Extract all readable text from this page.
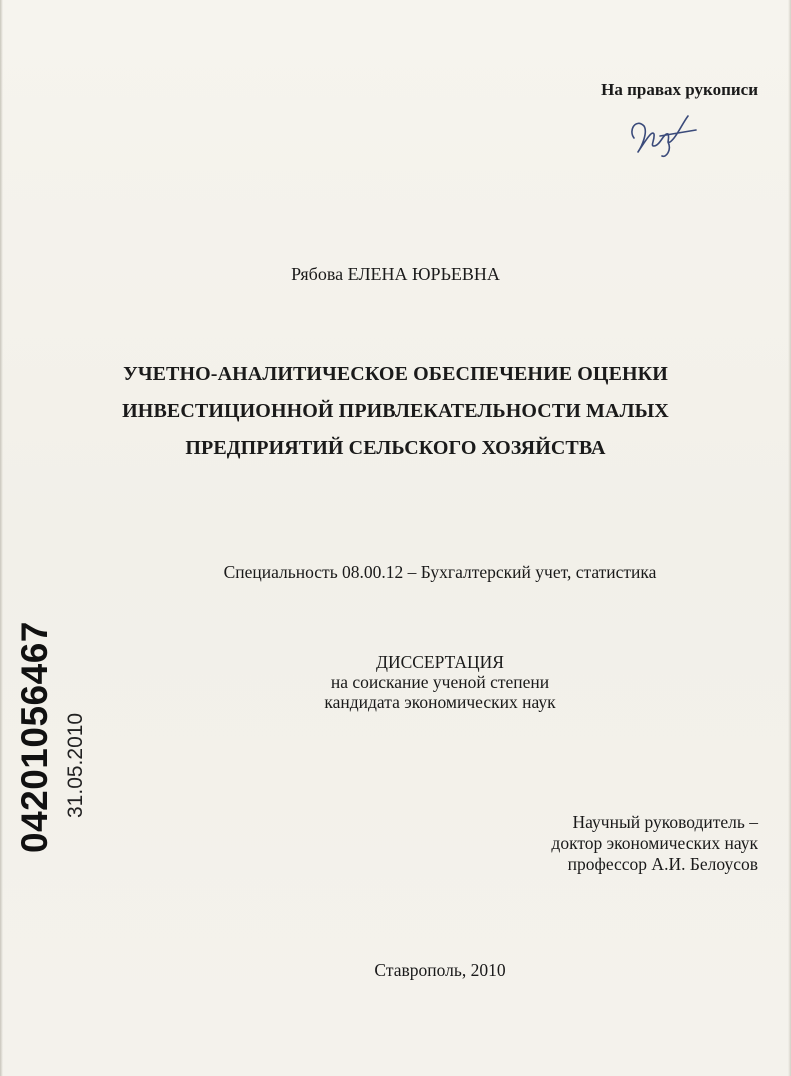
На правах рукописи
Рябова ЕЛЕНА ЮРЬЕВНА
УЧЕТНО-АНАЛИТИЧЕСКОЕ ОБЕСПЕЧЕНИЕ ОЦЕНКИ
ИНВЕСТИЦИОННОЙ ПРИВЛЕКАТЕЛЬНОСТИ МАЛЫХ
ПРЕДПРИЯТИЙ СЕЛЬСКОГО ХОЗЯЙСТВА
Специальность 08.00.12 – Бухгалтерский учет, статистика
ДИССЕРТАЦИЯ
на соискание ученой степени
кандидата экономических наук
Научный руководитель –
доктор экономических наук
профессор А.И. Белоусов
Ставрополь, 2010
04201056467 31.05.2010
